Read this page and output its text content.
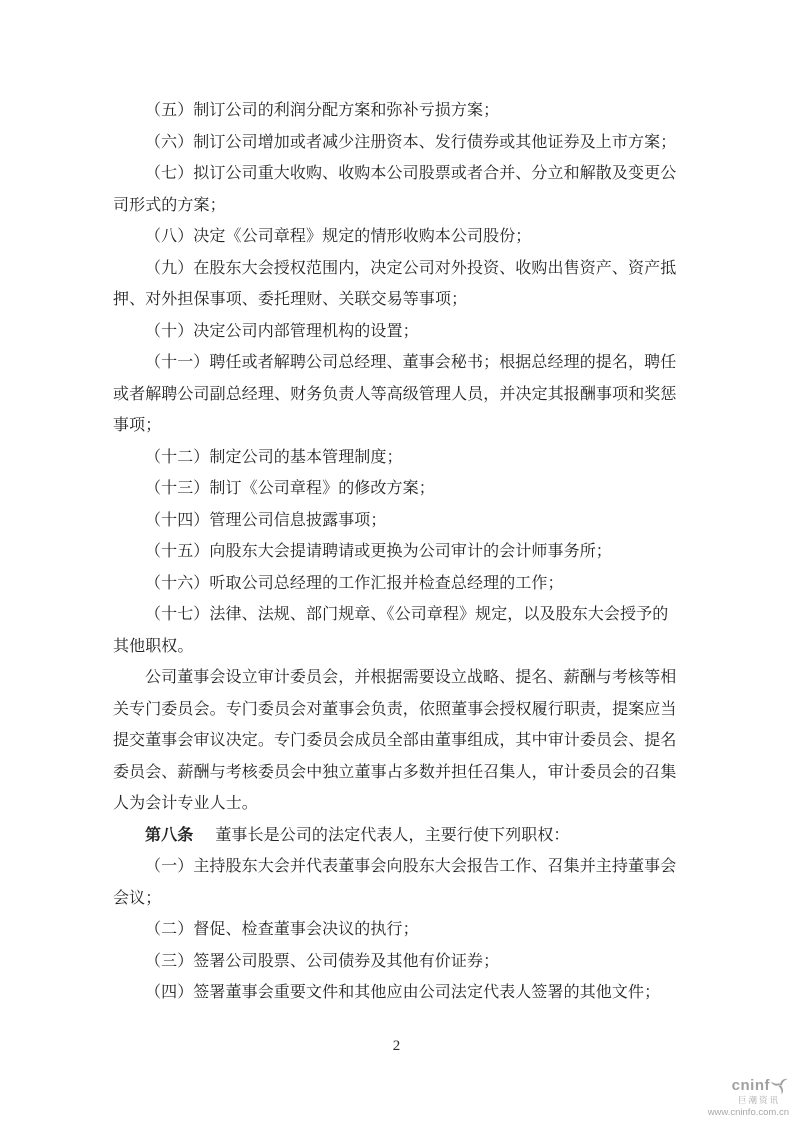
（五）制订公司的利润分配方案和弥补亏损方案；
（六）制订公司增加或者减少注册资本、发行债券或其他证券及上市方案；
（七）拟订公司重大收购、收购本公司股票或者合并、分立和解散及变更公
司形式的方案；
（八）决定《公司章程》规定的情形收购本公司股份；
（九）在股东大会授权范围内，决定公司对外投资、收购出售资产、资产抵
押、对外担保事项、委托理财、关联交易等事项；
（十）决定公司内部管理机构的设置；
（十一）聘任或者解聘公司总经理、董事会秘书；根据总经理的提名，聘任
或者解聘公司副总经理、财务负责人等高级管理人员，并决定其报酬事项和奖惩
事项；
（十二）制定公司的基本管理制度；
（十三）制订《公司章程》的修改方案；
（十四）管理公司信息披露事项；
（十五）向股东大会提请聘请或更换为公司审计的会计师事务所；
（十六）听取公司总经理的工作汇报并检查总经理的工作；
（十七）法律、法规、部门规章、《公司章程》规定，以及股东大会授予的
其他职权。
公司董事会设立审计委员会，并根据需要设立战略、提名、薪酬与考核等相
关专门委员会。专门委员会对董事会负责，依照董事会授权履行职责，提案应当
提交董事会审议决定。专门委员会成员全部由董事组成，其中审计委员会、提名
委员会、薪酬与考核委员会中独立董事占多数并担任召集人，审计委员会的召集
人为会计专业人士。
第八条 董事长是公司的法定代表人，主要行使下列职权：
（一）主持股东大会并代表董事会向股东大会报告工作、召集并主持董事会
会议；
（二）督促、检查董事会决议的执行；
（三）签署公司股票、公司债券及其他有价证券；
（四）签署董事会重要文件和其他应由公司法定代表人签署的其他文件；
2
cninf
巨潮资讯
www.cninfo.com.cn
